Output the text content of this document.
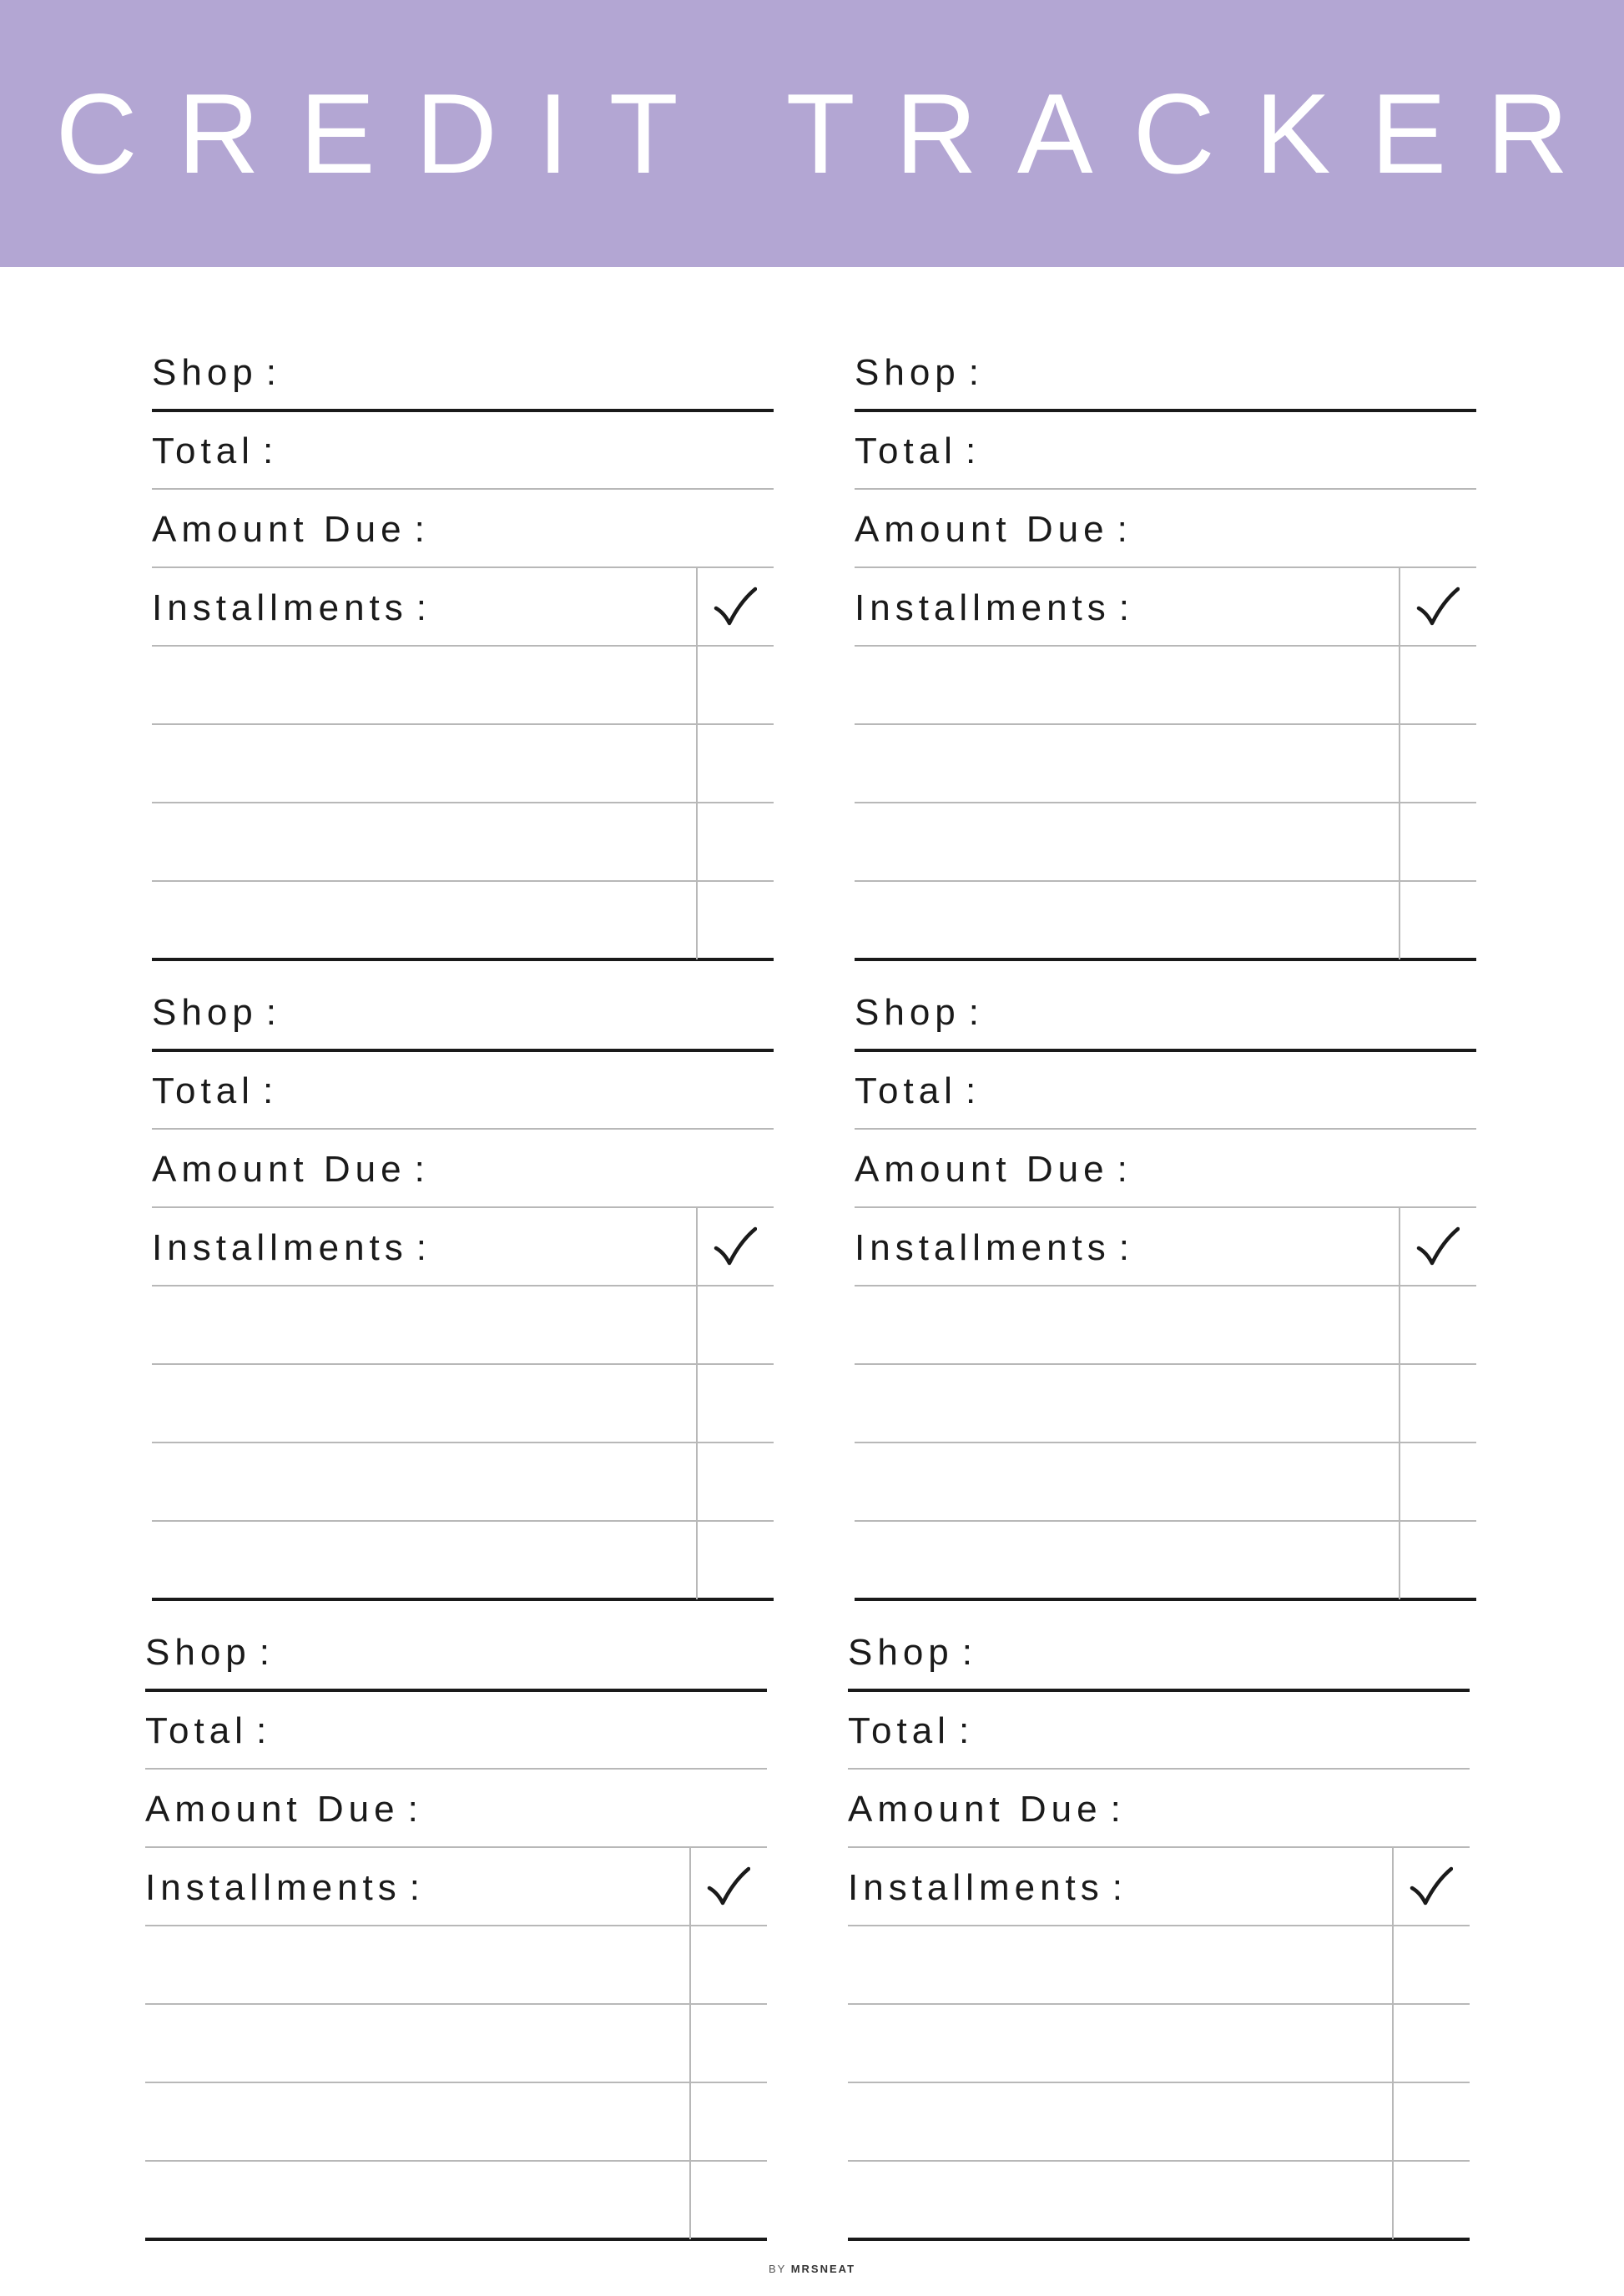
CREDIT TRACKER
Shop :
Total :
Amount Due :
Installments :
Shop :
Total :
Amount Due :
Installments :
Shop :
Total :
Amount Due :
Installments :
Shop :
Total :
Amount Due :
Installments :
Shop :
Total :
Amount Due :
Installments :
Shop :
Total :
Amount Due :
Installments :
BY MRSNEAT
